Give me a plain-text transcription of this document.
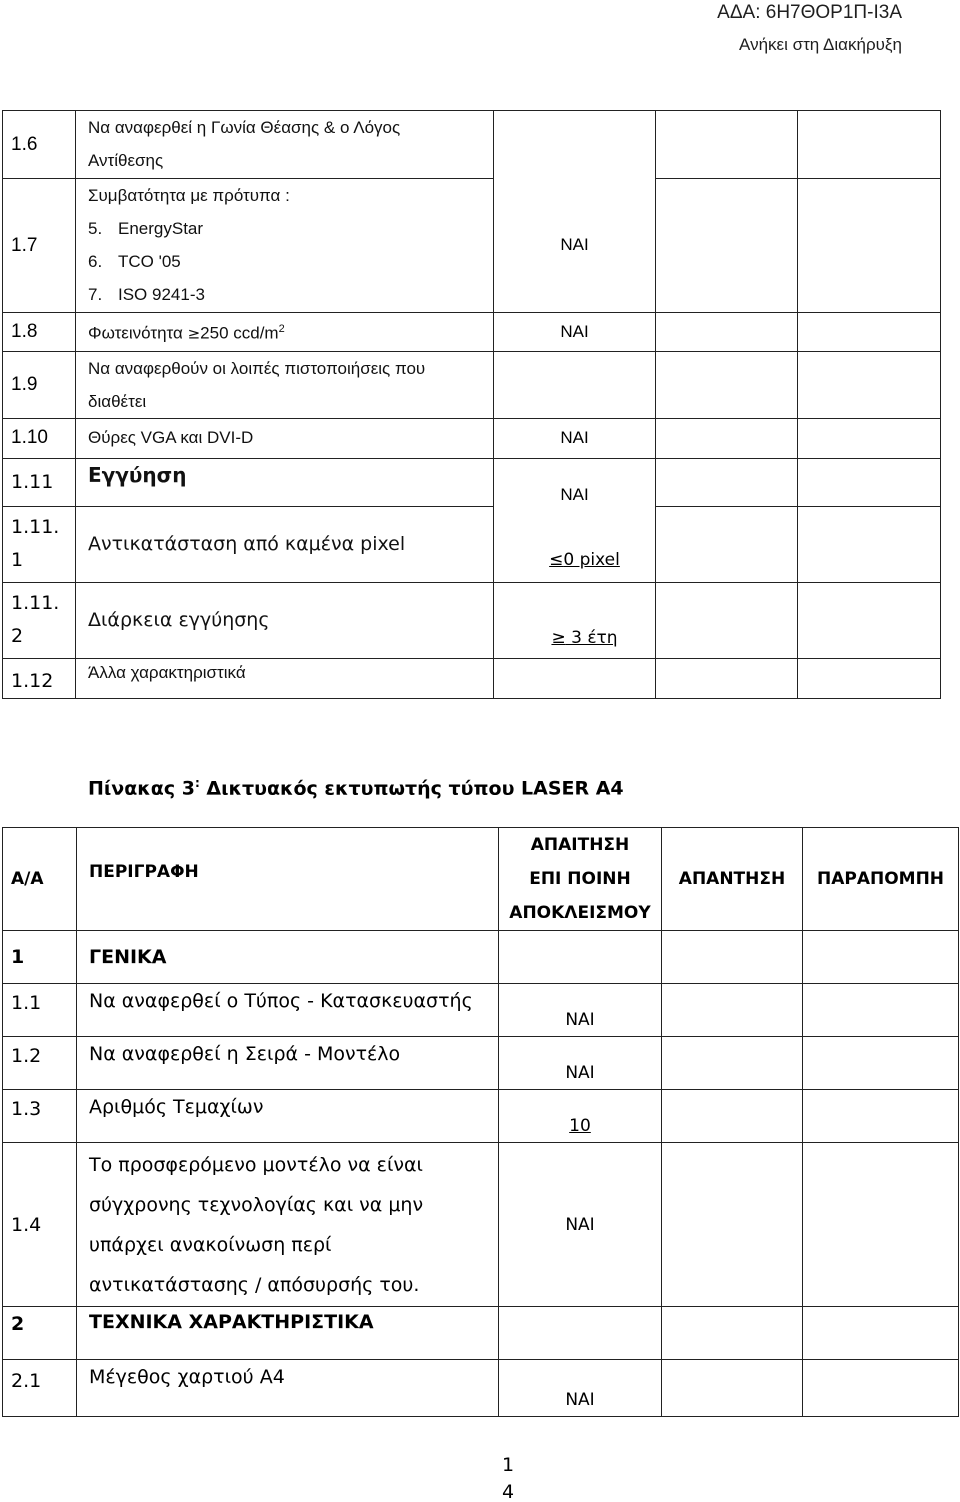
ΑΔΑ: 6Η7ΘΟΡ1Π-Ι3Α
Ανήκει στη Διακήρυξη
1.6	Να αναφερθεί η Γωνία Θέασης & ο Λόγος
Αντίθεσης			

1.7	Συμβατότητα με πρότυπα :
5. EnergyStar
6. TCO '05
7. ISO 9241-3	ΝΑΙ		
1.8	Φωτεινότητα ≥250 ccd/$m^2$	ΝΑΙ		
1.9	Να αναφερθούν οι λοιπές πιστοποιήσεις που
διαθέτει			

1.10	Θύρες VGA και DVI-D	ΝΑΙ		
1.11	Εγγύηση	ΝΑΙ		

1.11.
1	Αντικατάσταση από καμένα pixel	≤0 pixel		

1.11.
2	Διάρκεια εγγύησης	≥ 3 έτη		
1.12	Άλλα χαρακτηριστικά			
Πίνακας 3: Δικτυακός εκτυπωτής τύπου LASER A4
Α/Α	ΠΕΡΙΓΡΑΦΗ	ΑΠΑΙΤΗΣΗ
ΕΠΙ ΠΟΙΝΗ
ΑΠΟΚΛΕΙΣΜΟΥ	ΑΠΑΝΤΗΣΗ	ΠΑΡΑΠΟΜΠΗ
1	ΓΕΝΙΚΑ			
1.1	Να αναφερθεί ο Τύπος - Κατασκευαστής	ΝΑΙ		
1.2	Να αναφερθεί η Σειρά - Μοντέλο	ΝΑΙ		
1.3	Αριθμός Τεμαχίων	10		
1.4	Το προσφερόμενο μοντέλο να είναι
σύγχρονης τεχνολογίας και να μην
υπάρχει ανακοίνωση περί
αντικατάστασης / απόσυρσής του.	ΝΑΙ		
2	ΤΕΧΝΙΚΑ ΧΑΡΑΚΤΗΡΙΣΤΙΚΑ			
2.1	Μέγεθος χαρτιού Α4	ΝΑΙ		
1
4
